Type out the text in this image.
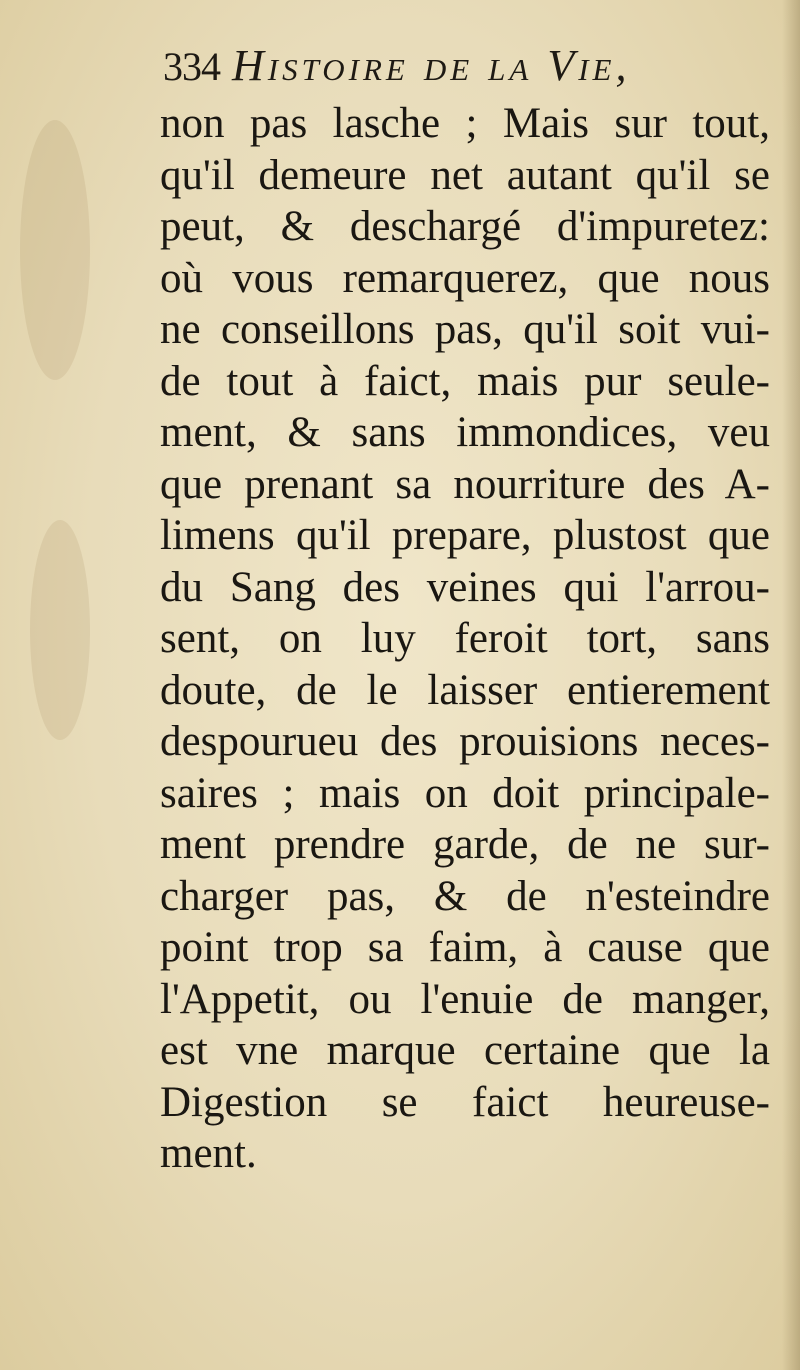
334 Histoire de la Vie,
non pas lasche ; Mais sur tout,
qu'il demeure net autant qu'il se
peut, & deschargé d'impuretez:
où vous remarquerez, que nous
ne conseillons pas, qu'il soit vui-
de tout à faict, mais pur seule-
ment, & sans immondices, veu
que prenant sa nourriture des A-
limens qu'il prepare, plustost que
du Sang des veines qui l'arrou-
sent, on luy feroit tort, sans
doute, de le laisser entierement
despourueu des prouisions neces-
saires ; mais on doit principale-
ment prendre garde, de ne sur-
charger pas, & de n'esteindre
point trop sa faim, à cause que
l'Appetit, ou l'enuie de manger,
est vne marque certaine que la
Digestion se faict heureuse-
ment.
